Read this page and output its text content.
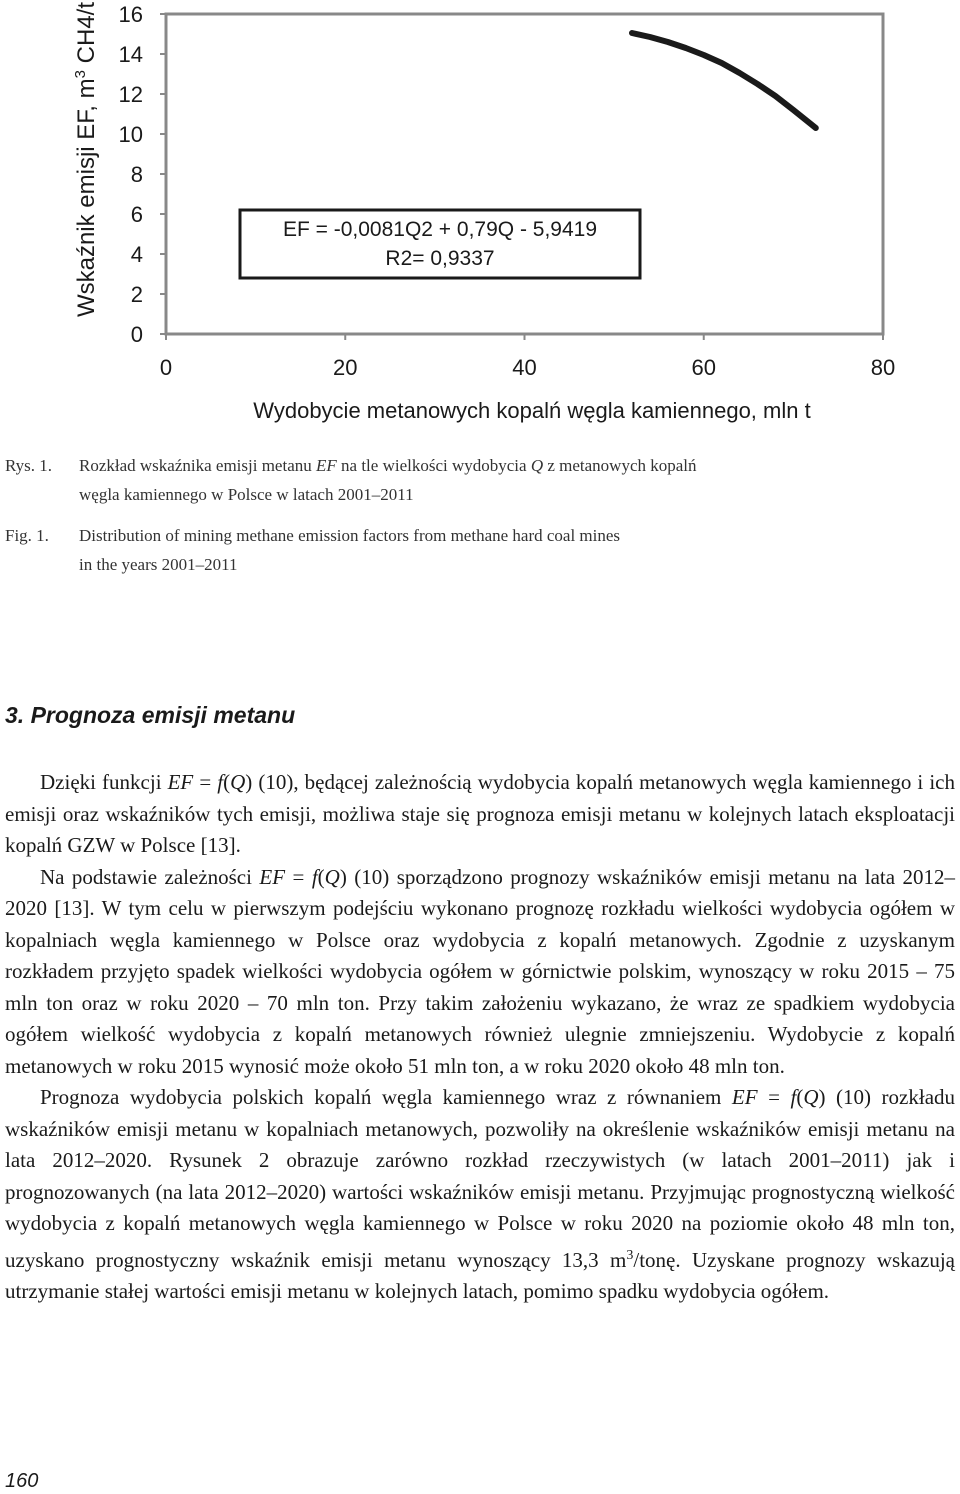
0
2
4
6
8
10
12
14
16
0	20	40	60	80
EF = -0,0081Q2 + 0,79Q - 5,9419
R2= 0,9337
Wskaźnik emisji EF, $m^3$ CH4/t
Wydobycie metanowych kopalń węgla kamiennego, mln t
Rys. 1. Rozkład wskaźnika emisji metanu EF na tle wielkości wydobycia Q z metanowych kopalń
węgla kamiennego w Polsce w latach 2001–2011
Fig. 1. Distribution of mining methane emission factors from methane hard coal mines
in the years 2001–2011
3. Prognoza emisji metanu

Dzięki funkcji EF = f(Q) (10), będącej zależnością wydobycia kopalń metanowych węgla kamiennego i ich emisji oraz wskaźników tych emisji, możliwa staje się prognoza emisji metanu w kolejnych latach eksploatacji kopalń GZW w Polsce [13].

Na podstawie zależności EF = f(Q) (10) sporządzono prognozy wskaźników emisji metanu na lata 2012–2020 [13]. W tym celu w pierwszym podejściu wykonano prognozę rozkładu wielkości wydobycia ogółem w kopalniach węgla kamiennego w Polsce oraz wydobycia z kopalń metanowych. Zgodnie z uzyskanym rozkładem przyjęto spadek wielkości wydobycia ogółem w górnictwie polskim, wynoszący w roku 2015 – 75 mln ton oraz w roku 2020 – 70 mln ton. Przy takim założeniu wykazano, że wraz ze spadkiem wydobycia ogółem wielkość wydobycia z kopalń metanowych również ulegnie zmniejszeniu. Wydobycie z kopalń metanowych w roku 2015 wynosić może około 51 mln ton, a w roku 2020 około 48 mln ton.

Prognoza wydobycia polskich kopalń węgla kamiennego wraz z równaniem EF = f(Q) (10) rozkładu wskaźników emisji metanu w kopalniach metanowych, pozwoliły na określenie wskaźników emisji metanu na lata 2012–2020. Rysunek 2 obrazuje zarówno rozkład rzeczywistych (w latach 2001–2011) jak i prognozowanych (na lata 2012–2020) wartości wskaźników emisji metanu. Przyjmując prognostyczną wielkość wydobycia z kopalń metanowych węgla kamiennego w Polsce w roku 2020 na poziomie około 48 mln ton, uzyskano prognostyczny wskaźnik emisji metanu wynoszący 13,3 $m^3$/tonę. Uzyskane prognozy wskazują utrzymanie stałej wartości emisji metanu w kolejnych latach, pomimo spadku wydobycia ogółem.

160
